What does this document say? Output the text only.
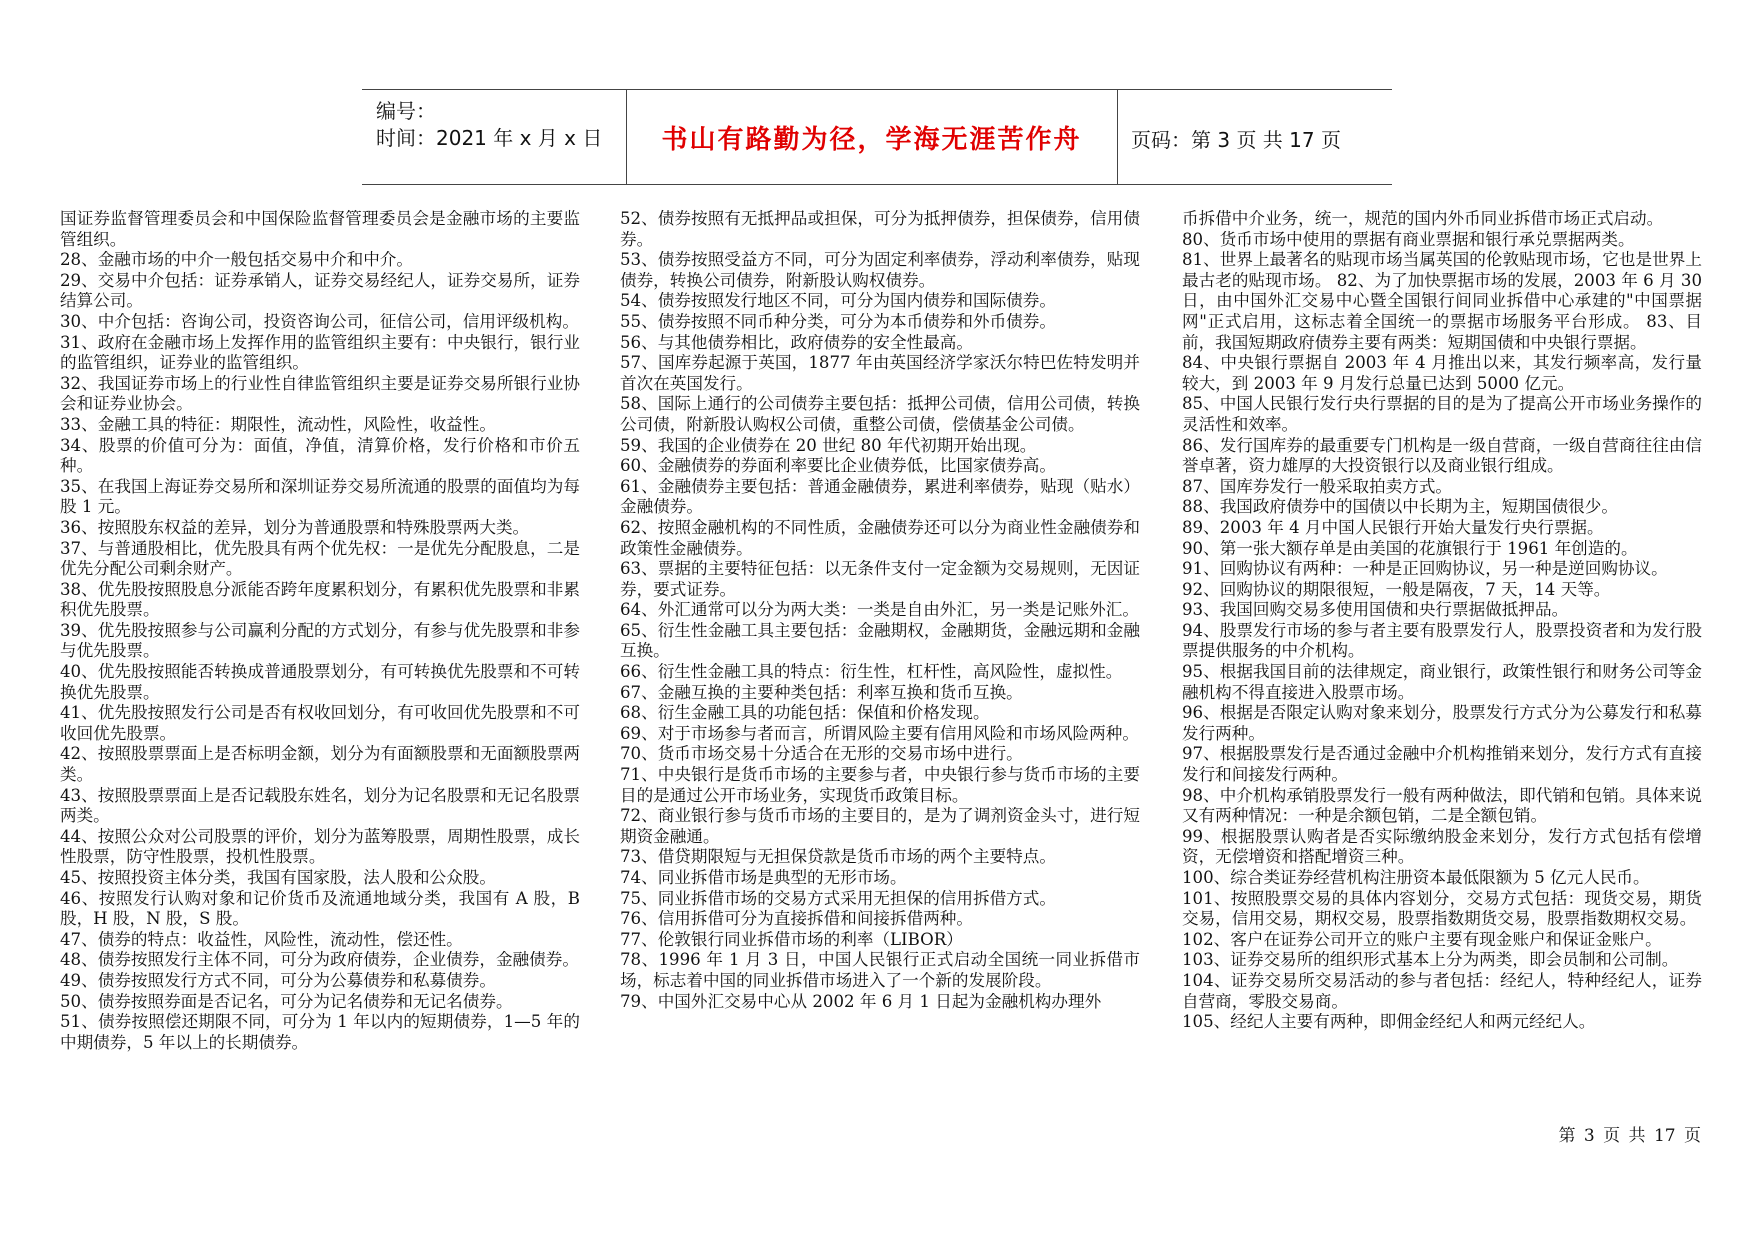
编号：
时间：2021 年 x 月 x 日	书山有路勤为径，学海无涯苦作舟	页码：第 3 页 共 17 页

国证券监督管理委员会和中国保险监督管理委员会是金融市场的主要监管组织。

28、金融市场的中介一般包括交易中介和中介。

29、交易中介包括：证券承销人，证券交易经纪人，证券交易所，证券结算公司。

30、中介包括：咨询公司，投资咨询公司，征信公司，信用评级机构。

31、政府在金融市场上发挥作用的监管组织主要有：中央银行，银行业的监管组织，证券业的监管组织。

32、我国证券市场上的行业性自律监管组织主要是证券交易所银行业协会和证券业协会。

33、金融工具的特征：期限性，流动性，风险性，收益性。

34、股票的价值可分为：面值，净值，清算价格，发行价格和市价五种。

35、在我国上海证券交易所和深圳证券交易所流通的股票的面值均为每股 1 元。

36、按照股东权益的差异，划分为普通股票和特殊股票两大类。

37、与普通股相比，优先股具有两个优先权：一是优先分配股息，二是优先分配公司剩余财产。

38、优先股按照股息分派能否跨年度累积划分，有累积优先股票和非累积优先股票。

39、优先股按照参与公司赢利分配的方式划分，有参与优先股票和非参与优先股票。

40、优先股按照能否转换成普通股票划分，有可转换优先股票和不可转换优先股票。

41、优先股按照发行公司是否有权收回划分，有可收回优先股票和不可收回优先股票。

42、按照股票票面上是否标明金额，划分为有面额股票和无面额股票两类。

43、按照股票票面上是否记载股东姓名，划分为记名股票和无记名股票两类。

44、按照公众对公司股票的评价，划分为蓝筹股票，周期性股票，成长性股票，防守性股票，投机性股票。

45、按照投资主体分类，我国有国家股，法人股和公众股。

46、按照发行认购对象和记价货币及流通地域分类，我国有 A 股，B 股，H 股，N 股，S 股。

47、债券的特点：收益性，风险性，流动性，偿还性。

48、债券按照发行主体不同，可分为政府债券，企业债券，金融债券。

49、债券按照发行方式不同，可分为公募债券和私募债券。

50、债券按照券面是否记名，可分为记名债券和无记名债券。

51、债券按照偿还期限不同，可分为 1 年以内的短期债券，1—5 年的中期债券，5 年以上的长期债券。

52、债券按照有无抵押品或担保，可分为抵押债券，担保债券，信用债券。

53、债券按照受益方不同，可分为固定利率债券，浮动利率债券，贴现债券，转换公司债券，附新股认购权债券。

54、债券按照发行地区不同，可分为国内债券和国际债券。

55、债券按照不同币种分类，可分为本币债券和外币债券。

56、与其他债券相比，政府债券的安全性最高。

57、国库券起源于英国，1877 年由英国经济学家沃尔特巴佐特发明并首次在英国发行。

58、国际上通行的公司债券主要包括：抵押公司债，信用公司债，转换公司债，附新股认购权公司债，重整公司债，偿债基金公司债。

59、我国的企业债券在 20 世纪 80 年代初期开始出现。

60、金融债券的券面利率要比企业债券低，比国家债券高。

61、金融债券主要包括：普通金融债券，累进利率债券，贴现（贴水）金融债券。

62、按照金融机构的不同性质，金融债券还可以分为商业性金融债券和政策性金融债券。

63、票据的主要特征包括：以无条件支付一定金额为交易规则，无因证券，要式证券。

64、外汇通常可以分为两大类：一类是自由外汇，另一类是记账外汇。

65、衍生性金融工具主要包括：金融期权，金融期货，金融远期和金融互换。

66、衍生性金融工具的特点：衍生性，杠杆性，高风险性，虚拟性。

67、金融互换的主要种类包括：利率互换和货币互换。

68、衍生金融工具的功能包括：保值和价格发现。

69、对于市场参与者而言，所谓风险主要有信用风险和市场风险两种。

70、货币市场交易十分适合在无形的交易市场中进行。

71、中央银行是货币市场的主要参与者，中央银行参与货币市场的主要目的是通过公开市场业务，实现货币政策目标。

72、商业银行参与货币市场的主要目的，是为了调剂资金头寸，进行短期资金融通。

73、借贷期限短与无担保贷款是货币市场的两个主要特点。

74、同业拆借市场是典型的无形市场。

75、同业拆借市场的交易方式采用无担保的信用拆借方式。

76、信用拆借可分为直接拆借和间接拆借两种。

77、伦敦银行同业拆借市场的利率（LIBOR）

78、1996 年 1 月 3 日，中国人民银行正式启动全国统一同业拆借市场，标志着中国的同业拆借市场进入了一个新的发展阶段。

79、中国外汇交易中心从 2002 年 6 月 1 日起为金融机构办理外

币拆借中介业务，统一，规范的国内外币同业拆借市场正式启动。

80、货币市场中使用的票据有商业票据和银行承兑票据两类。

81、世界上最著名的贴现市场当属英国的伦敦贴现市场，它也是世界上最古老的贴现市场。 82、为了加快票据市场的发展，2003 年 6 月 30 日，由中国外汇交易中心暨全国银行间同业拆借中心承建的"中国票据网"正式启用，这标志着全国统一的票据市场服务平台形成。 83、目前，我国短期政府债券主要有两类：短期国债和中央银行票据。

84、中央银行票据自 2003 年 4 月推出以来，其发行频率高，发行量较大，到 2003 年 9 月发行总量已达到 5000 亿元。

85、中国人民银行发行央行票据的目的是为了提高公开市场业务操作的灵活性和效率。

86、发行国库券的最重要专门机构是一级自营商，一级自营商往往由信誉卓著，资力雄厚的大投资银行以及商业银行组成。

87、国库券发行一般采取拍卖方式。

88、我国政府债券中的国债以中长期为主，短期国债很少。

89、2003 年 4 月中国人民银行开始大量发行央行票据。

90、第一张大额存单是由美国的花旗银行于 1961 年创造的。

91、回购协议有两种：一种是正回购协议，另一种是逆回购协议。

92、回购协议的期限很短，一般是隔夜，7 天，14 天等。

93、我国回购交易多使用国债和央行票据做抵押品。

94、股票发行市场的参与者主要有股票发行人，股票投资者和为发行股票提供服务的中介机构。

95、根据我国目前的法律规定，商业银行，政策性银行和财务公司等金融机构不得直接进入股票市场。

96、根据是否限定认购对象来划分，股票发行方式分为公募发行和私募发行两种。

97、根据股票发行是否通过金融中介机构推销来划分，发行方式有直接发行和间接发行两种。

98、中介机构承销股票发行一般有两种做法，即代销和包销。具体来说又有两种情况：一种是余额包销，二是全额包销。

99、根据股票认购者是否实际缴纳股金来划分，发行方式包括有偿增资，无偿增资和搭配增资三种。

100、综合类证券经营机构注册资本最低限额为 5 亿元人民币。

101、按照股票交易的具体内容划分，交易方式包括：现货交易，期货交易，信用交易，期权交易，股票指数期货交易，股票指数期权交易。

102、客户在证券公司开立的账户主要有现金账户和保证金账户。

103、证券交易所的组织形式基本上分为两类，即会员制和公司制。

104、证券交易所交易活动的参与者包括：经纪人，特种经纪人，证券自营商，零股交易商。

105、经纪人主要有两种，即佣金经纪人和两元经纪人。

第 3 页 共 17 页
